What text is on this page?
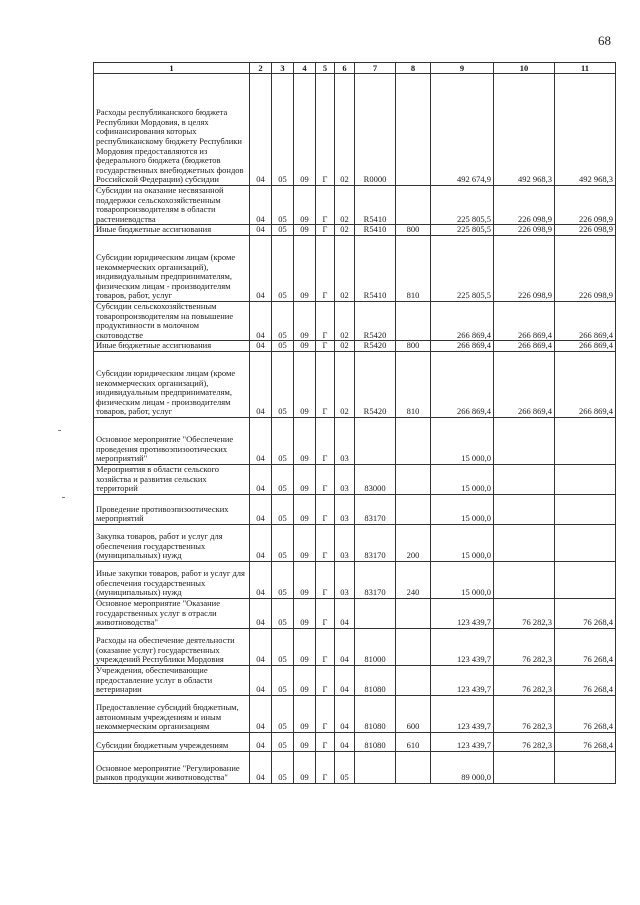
68
1	2	3	4	5	6	7	8	9	10	11
Расходы республиканского бюджета Республики Мордовия, в целях софинансирования которых республиканскому бюджету Республики Мордовия предоставляются из федерального бюджета (бюджетов государственных внебюджетных фондов Российской Федерации) субсидии	04	05	09	Г	02	R0000		492 674,9	492 968,3	492 968,3
Субсидии на оказание несвязанной поддержки сельскохозяйственным товаропроизводителям в области растениеводства	04	05	09	Г	02	R5410		225 805,5	226 098,9	226 098,9
Иные бюджетные ассигнования	04	05	09	Г	02	R5410	800	225 805,5	226 098,9	226 098,9
Субсидии юридическим лицам (кроме некоммерческих организаций), индивидуальным предпринимателям, физическим лицам - производителям товаров, работ, услуг	04	05	09	Г	02	R5410	810	225 805,5	226 098,9	226 098,9
Субсидии сельскохозяйственным товаропроизводителям на повышение продуктивности в молочном скотоводстве	04	05	09	Г	02	R5420		266 869,4	266 869,4	266 869,4
Иные бюджетные ассигнования	04	05	09	Г	02	R5420	800	266 869,4	266 869,4	266 869,4
Субсидии юридическим лицам (кроме некоммерческих организаций), индивидуальным предпринимателям, физическим лицам - производителям товаров, работ, услуг	04	05	09	Г	02	R5420	810	266 869,4	266 869,4	266 869,4
Основное мероприятие "Обеспечение проведения противоэпизоотических мероприятий"	04	05	09	Г	03			15 000,0		
Мероприятия в области сельского хозяйства и развития сельских территорий	04	05	09	Г	03	83000		15 000,0		
Проведение противоэпизоотических мероприятий	04	05	09	Г	03	83170		15 000,0		
Закупка товаров, работ и услуг для обеспечения государственных (муниципальных) нужд	04	05	09	Г	03	83170	200	15 000,0		
Иные закупки товаров, работ и услуг для обеспечения государственных (муниципальных) нужд	04	05	09	Г	03	83170	240	15 000,0		
Основное мероприятие "Оказание государственных услуг в отрасли животноводства"	04	05	09	Г	04			123 439,7	76 282,3	76 268,4
Расходы на обеспечение деятельности (оказание услуг) государственных учреждений Республики Мордовия	04	05	09	Г	04	81000		123 439,7	76 282,3	76 268,4
Учреждения, обеспечивающие предоставление услуг в области ветеринарии	04	05	09	Г	04	81080		123 439,7	76 282,3	76 268,4
Предоставление субсидий бюджетным, автономным учреждениям и иным некоммерческим организациям	04	05	09	Г	04	81080	600	123 439,7	76 282,3	76 268,4
Субсидии бюджетным учреждениям	04	05	09	Г	04	81080	610	123 439,7	76 282,3	76 268,4
Основное мероприятие "Регулирование рынков продукции животноводства"	04	05	09	Г	05			89 000,0		
